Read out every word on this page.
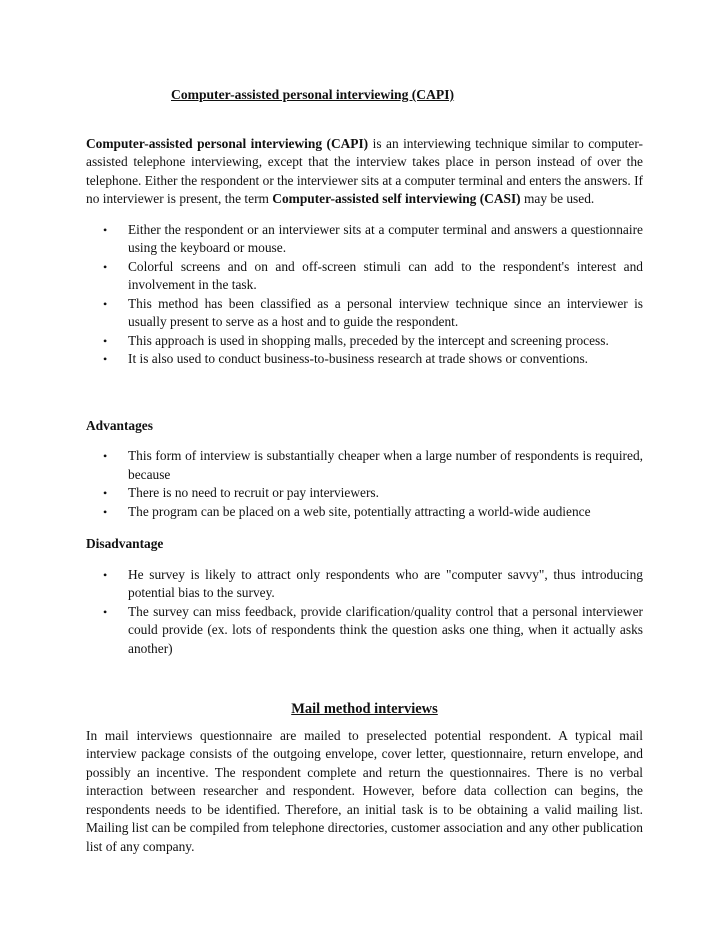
Computer-assisted personal interviewing (CAPI)

Computer-assisted personal interviewing (CAPI) is an interviewing technique similar to computer-assisted telephone interviewing, except that the interview takes place in person instead of over the telephone. Either the respondent or the interviewer sits at a computer terminal and enters the answers. If no interviewer is present, the term Computer-assisted self interviewing (CASI) may be used.

• Either the respondent or an interviewer sits at a computer terminal and answers a questionnaire using the keyboard or mouse.
• Colorful screens and on and off-screen stimuli can add to the respondent's interest and involvement in the task.
• This method has been classified as a personal interview technique since an interviewer is usually present to serve as a host and to guide the respondent.
• This approach is used in shopping malls, preceded by the intercept and screening process.
• It is also used to conduct business-to-business research at trade shows or conventions.
Advantages
• This form of interview is substantially cheaper when a large number of respondents is required, because
• There is no need to recruit or pay interviewers.
• The program can be placed on a web site, potentially attracting a world-wide audience
Disadvantage
• He survey is likely to attract only respondents who are "computer savvy", thus introducing potential bias to the survey.
• The survey can miss feedback, provide clarification/quality control that a personal interviewer could provide (ex. lots of respondents think the question asks one thing, when it actually asks another)
Mail method interviews

In mail interviews questionnaire are mailed to preselected potential respondent. A typical mail interview package consists of the outgoing envelope, cover letter, questionnaire, return envelope, and possibly an incentive. The respondent complete and return the questionnaires. There is no verbal interaction between researcher and respondent. However, before data collection can begins, the respondents needs to be identified. Therefore, an initial task is to be obtaining a valid mailing list. Mailing list can be compiled from telephone directories, customer association and any other publication list of any company.
